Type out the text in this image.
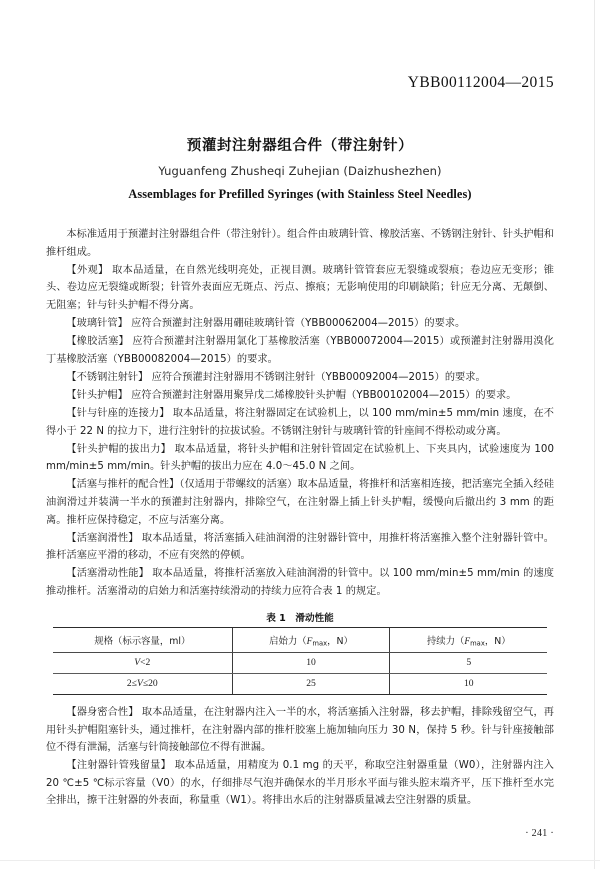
YBB00112004—2015
预灌封注射器组合件（带注射针）
Yuguanfeng Zhusheqi Zuhejian (Daizhushezhen)
Assemblages for Prefilled Syringes (with Stainless Steel Needles)

本标准适用于预灌封注射器组合件（带注射针）。组合件由玻璃针管、橡胶活塞、不锈钢注射针、针头护帽和推杆组成。

【外观】 取本品适量，在自然光线明亮处，正视目测。玻璃针管管套应无裂缝或裂痕；卷边应无变形；锥头、卷边应无裂缝或断裂；针管外表面应无斑点、污点、擦痕；无影响使用的印刷缺陷；针应无分离、无颠倒、无阻塞；针与针头护帽不得分离。

【玻璃针管】 应符合预灌封注射器用硼硅玻璃针管（YBB00062004—2015）的要求。

【橡胶活塞】 应符合预灌封注射器用氯化丁基橡胶活塞（YBB00072004—2015）或预灌封注射器用溴化丁基橡胶活塞（YBB00082004—2015）的要求。

【不锈钢注射针】 应符合预灌封注射器用不锈钢注射针（YBB00092004—2015）的要求。

【针头护帽】 应符合预灌封注射器用聚异戊二烯橡胶针头护帽（YBB00102004—2015）的要求。

【针与针座的连接力】 取本品适量，将注射器固定在试验机上，以 100 mm/min±5 mm/min 速度，在不得小于 22 N 的拉力下，进行注射针的拉拔试验。不锈钢注射针与玻璃针管的针座间不得松动或分离。

【针头护帽的拔出力】 取本品适量，将针头护帽和注射针管固定在试验机上、下夹具内，试验速度为 100 mm/min±5 mm/min。针头护帽的拔出力应在 4.0～45.0 N 之间。

【活塞与推杆的配合性】（仅适用于带螺纹的活塞）取本品适量，将推杆和活塞相连接，把活塞完全插入经硅油润滑过并装满一半水的预灌封注射器内，排除空气，在注射器上插上针头护帽，缓慢向后撤出约 3 mm 的距离。推杆应保持稳定，不应与活塞分离。

【活塞润滑性】 取本品适量，将活塞插入硅油润滑的注射器针管中，用推杆将活塞推入整个注射器针管中。推杆活塞应平滑的移动，不应有突然的停顿。

【活塞滑动性能】 取本品适量，将推杆活塞放入硅油润滑的针管中。以 100 mm/min±5 mm/min 的速度推动推杆。活塞滑动的启始力和活塞持续滑动的持续力应符合表 1 的规定。

表 1　滑动性能
规格（标示容量，ml）	启始力（$F_{max}$，N）	持续力（$F_{max}$，N）
V<2	10	5
2≤V≤20	25	10

【器身密合性】 取本品适量，在注射器内注入一半的水，将活塞插入注射器，移去护帽，排除残留空气，再用针头护帽阻塞针头，通过推杆，在注射器内部的推杆胶塞上施加轴向压力 30 N，保持 5 秒。针与针座接触部位不得有泄漏，活塞与针筒接触部位不得有泄漏。

【注射器针管残留量】 取本品适量，用精度为 0.1 mg 的天平，称取空注射器重量（W0），注射器内注入 20 ℃±5 ℃标示容量（V0）的水，仔细排尽气泡并确保水的半月形水平面与锥头腔末端齐平，压下推杆至水完全排出，擦干注射器的外表面，称量重（W1）。将排出水后的注射器质量减去空注射器的质量。

· 241 ·
